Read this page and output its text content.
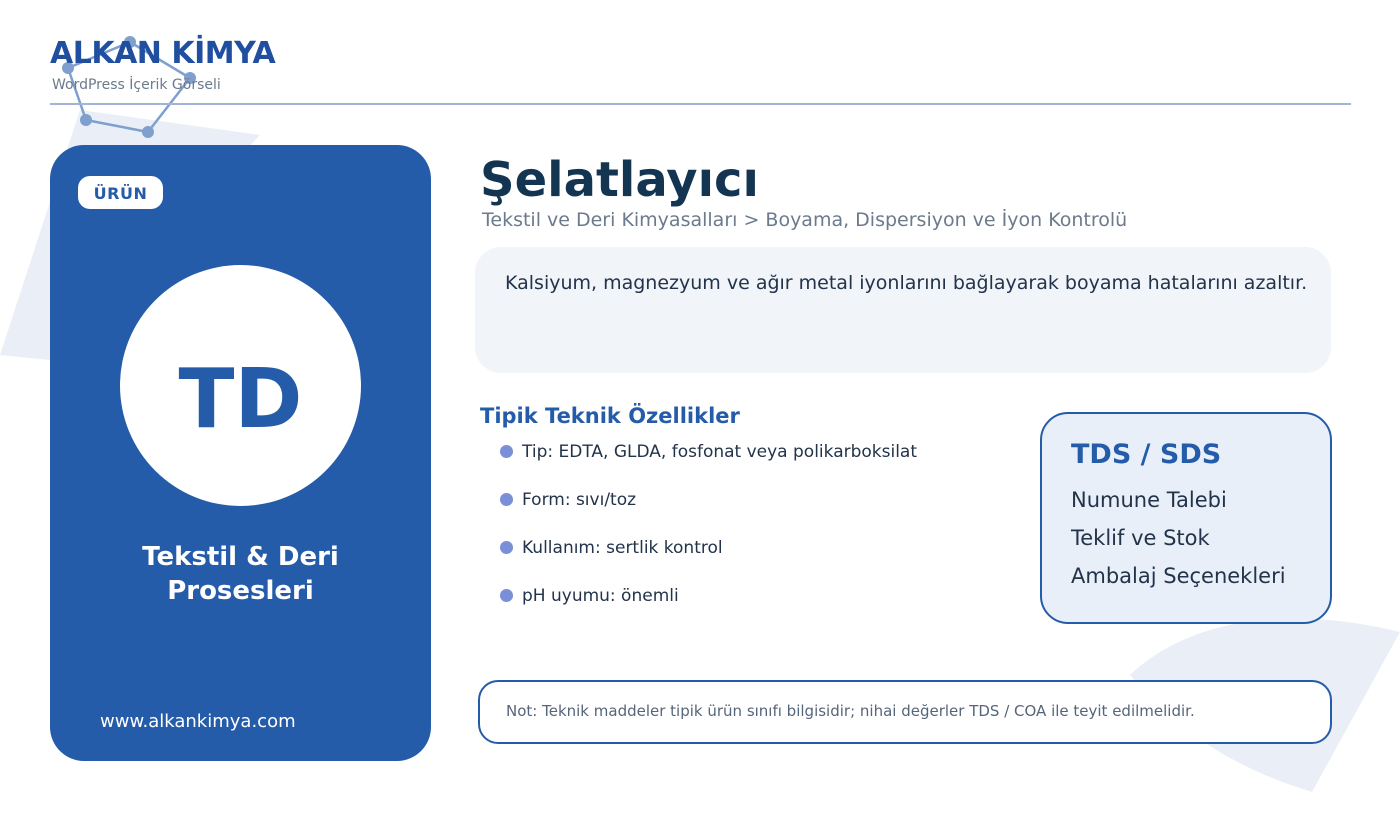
ALKAN KİMYA
WordPress İçerik Görseli
ÜRÜN
TD
Tekstil & Deri
Prosesleri
www.alkankimya.com
Şelatlayıcı
Tekstil ve Deri Kimyasalları > Boyama, Dispersiyon ve İyon Kontrolü
Kalsiyum, magnezyum ve ağır metal iyonlarını bağlayarak boyama hatalarını azaltır.
Tipik Teknik Özellikler
Tip: EDTA, GLDA, fosfonat veya polikarboksilat
Form: sıvı/toz
Kullanım: sertlik kontrol
pH uyumu: önemli
TDS / SDS
Numune Talebi
Teklif ve Stok
Ambalaj Seçenekleri
Not: Teknik maddeler tipik ürün sınıfı bilgisidir; nihai değerler TDS / COA ile teyit edilmelidir.
